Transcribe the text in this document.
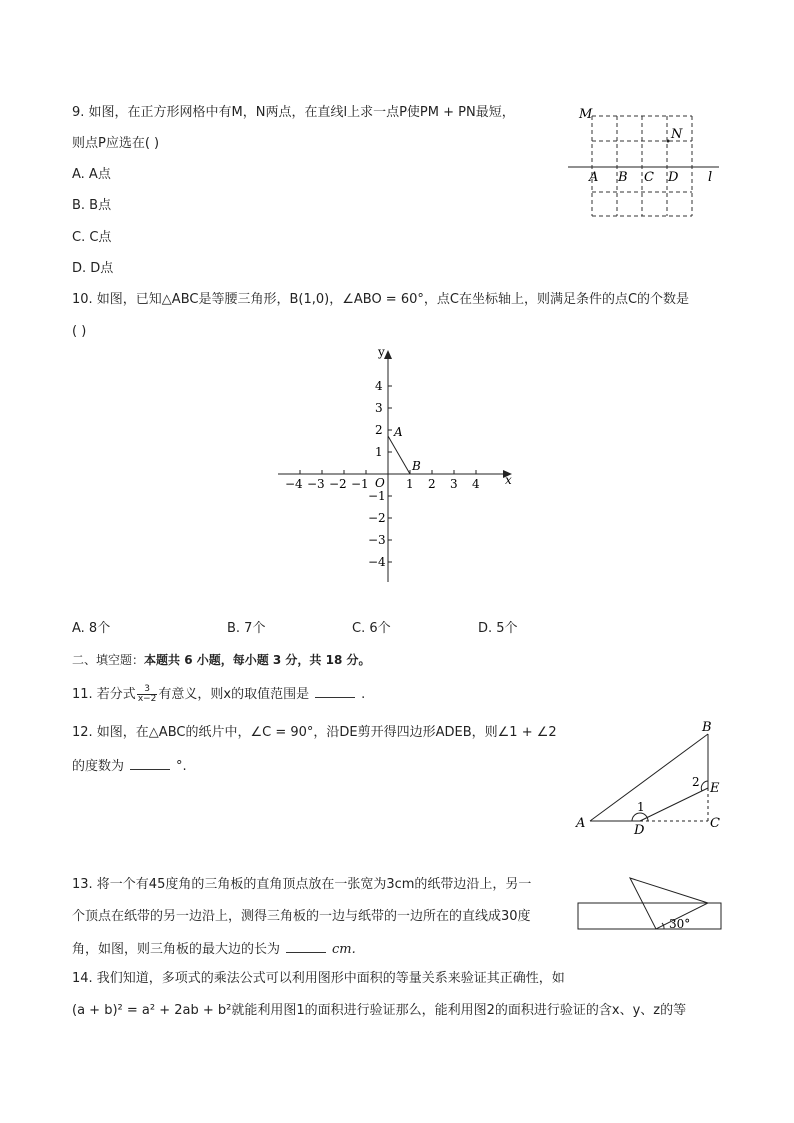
9. 如图，在正方形网格中有M，N两点，在直线l上求一点P使PM + PN最短，
则点P应选在( )
A. A点
B. B点
C. C点
D. D点
M
N
A B C D l
10. 如图，已知△ABC是等腰三角形，B(1,0)，∠ABO = 60°，点C在坐标轴上，则满足条件的点C的个数是
( )
−4 −3 −2 −1 O 1 2 3 4 x
4
3
2
1
−1
−2
−3
−4
y
A
B
A. 8个	B. 7个	C. 6个	D. 5个
二、填空题：本题共 6 小题，每小题 3 分，共 18 分。
11. 若分式 $\frac{3}{x-2}$ 有意义，则x的取值范围是	.
12. 如图，在△ABC的纸片中，∠C = 90°，沿DE剪开得四边形ADEB，则∠1 + ∠2
的度数为	°.
A
B
C
D
E
1
2
13. 将一个有45度角的三角板的直角顶点放在一张宽为3cm的纸带边沿上，另一
个顶点在纸带的另一边沿上，测得三角板的一边与纸带的一边所在的直线成30度
角，如图，则三角板的最大边的长为	cm.
30°
14. 我们知道，多项式的乘法公式可以利用图形中面积的等量关系来验证其正确性，如
(a + b)² = a² + 2ab + b²就能利用图1的面积进行验证那么，能利用图2的面积进行验证的含x、y、z的等
